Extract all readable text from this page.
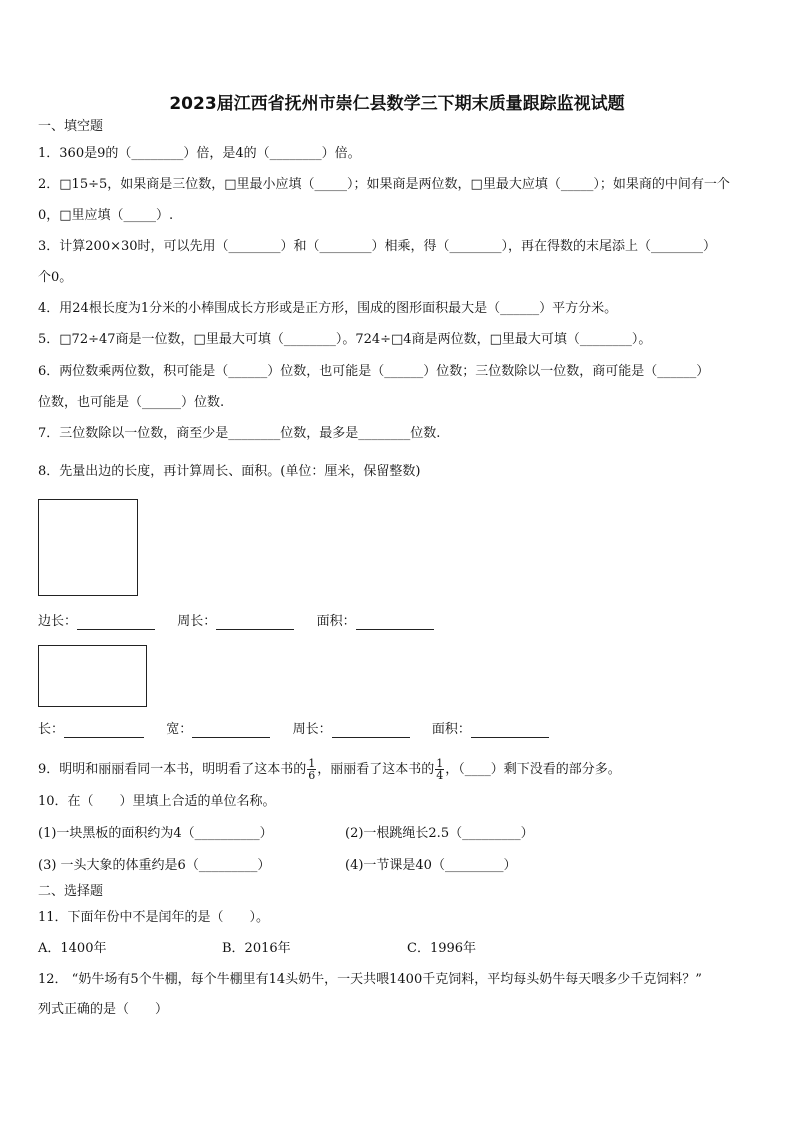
2023届江西省抚州市崇仁县数学三下期末质量跟踪监视试题
一、填空题
1．360是9的（________）倍，是4的（________）倍。
2．□15÷5，如果商是三位数，□里最小应填（_____）；如果商是两位数，□里最大应填（_____）；如果商的中间有一个
0，□里应填（_____）.
3．计算200×30时，可以先用（________）和（________）相乘，得（________），再在得数的末尾添上（________）
个0。
4．用24根长度为1分米的小棒围成长方形或是正方形，围成的图形面积最大是（______）平方分米。
5．□72÷47商是一位数，□里最大可填（________）。724÷□4商是两位数，□里最大可填（________）。
6．两位数乘两位数，积可能是（______）位数，也可能是（______）位数；三位数除以一位数，商可能是（______）
位数，也可能是（______）位数.
7．三位数除以一位数，商至少是________位数，最多是________位数.
8．先量出边的长度，再计算周长、面积。(单位：厘米，保留整数)
边长：	周长：	面积：
长：	宽：	周长：	面积：
9．明明和丽丽看同一本书，明明看了这本书的 $\frac{1}{6}$ ，丽丽看了这本书的 $\frac{1}{4}$ ，（____）剩下没看的部分多。
10．在（　　）里填上合适的单位名称。
(1)一块黑板的面积约为4（__________）	(2)一根跳绳长2.5（_________）
(3) 一头大象的体重约是6（_________）	(4)一节课是40（_________）
二、选择题
11．下面年份中不是闰年的是（　　）。
A．1400年	B．2016年	C．1996年
12． “奶牛场有5个牛棚，每个牛棚里有14头奶牛，一天共喂1400千克饲料，平均每头奶牛每天喂多少千克饲料？”
列式正确的是（　　）
